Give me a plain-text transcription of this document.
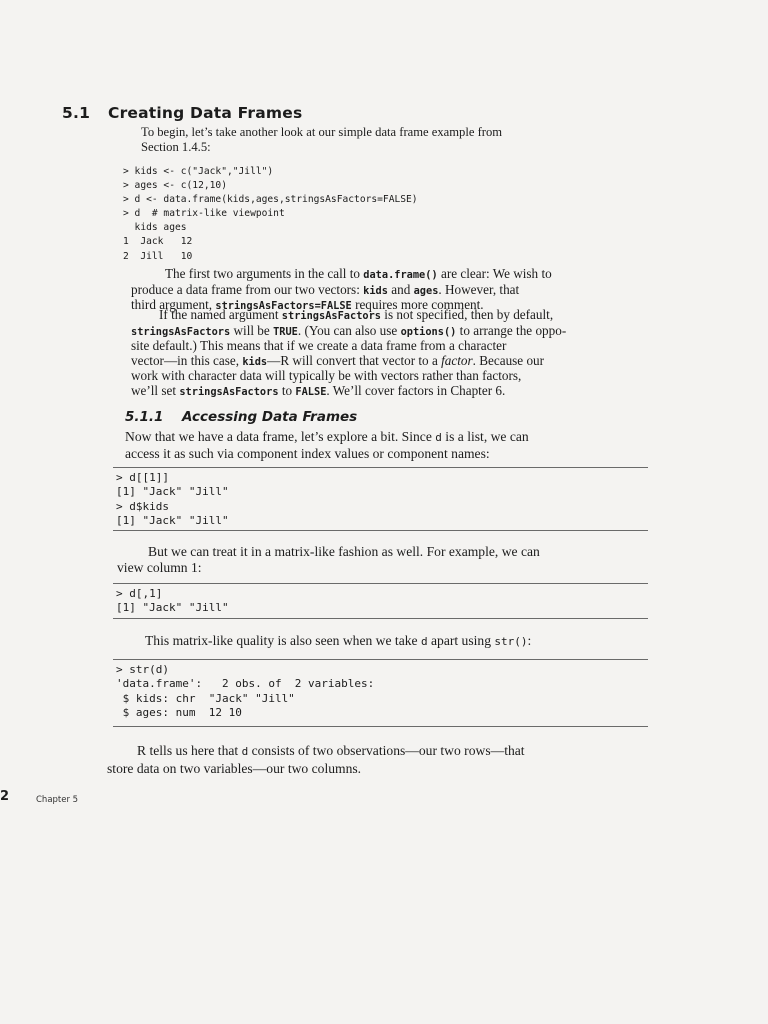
5.1 Creating Data Frames
To begin, let’s take another look at our simple data frame example from
Section 1.4.5:
> kids <- c("Jack","Jill")
> ages <- c(12,10)
> d <- data.frame(kids,ages,stringsAsFactors=FALSE)
> d  # matrix-like viewpoint
kids ages
1  Jack   12
2  Jill   10
The first two arguments in the call to data.frame() are clear: We wish to
produce a data frame from our two vectors: kids and ages. However, that
third argument, stringsAsFactors=FALSE requires more comment.
If the named argument stringsAsFactors is not specified, then by default,
stringsAsFactors will be TRUE. (You can also use options() to arrange the oppo-
site default.) This means that if we create a data frame from a character
vector—in this case, kids—R will convert that vector to a factor. Because our
work with character data will typically be with vectors rather than factors,
we’ll set stringsAsFactors to FALSE. We’ll cover factors in Chapter 6.
5.1.1 Accessing Data Frames
Now that we have a data frame, let’s explore a bit. Since d is a list, we can
access it as such via component index values or component names:
> d[[1]]
[1] "Jack" "Jill"
> d$kids
[1] "Jack" "Jill"
But we can treat it in a matrix-like fashion as well. For example, we can
view column 1:
> d[,1]
[1] "Jack" "Jill"
This matrix-like quality is also seen when we take d apart using str():
> str(d)
'data.frame':   2 obs. of  2 variables:
$ kids: chr  "Jack" "Jill"
$ ages: num  12 10
R tells us here that d consists of two observations—our two rows—that
store data on two variables—our two columns.
2	Chapter 5
